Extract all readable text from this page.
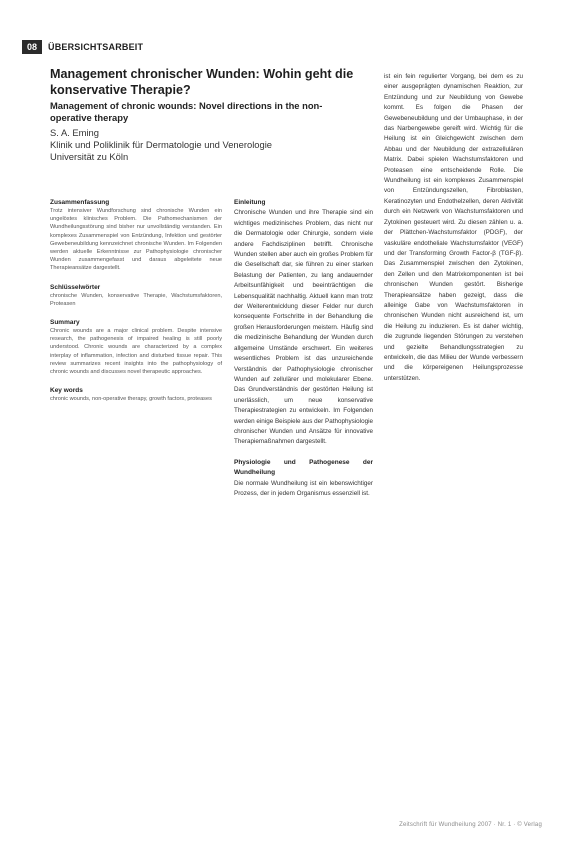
08	ÜBERSICHTSARBEIT
Management chronischer Wunden: Wohin geht die konservative Therapie?
Management of chronic wounds: Novel directions in the non-operative therapy
S. A. Eming
Klinik und Poliklinik für Dermatologie und Venerologie
Universität zu Köln
Zusammenfassung
Trotz intensiver Wundforschung sind chronische Wunden ein ungelöstes klinisches Problem. Die Pathomechanismen der Wundheilungsstörung sind bisher nur unvollständig verstanden. Ein komplexes Zusammenspiel von Entzündung, Infektion und gestörter Gewebeneubildung kennzeichnet chronische Wunden. Im Folgenden werden aktuelle Erkenntnisse zur Pathophysiologie chronischer Wunden zusammengefasst und daraus abgeleitete neue Therapieansätze dargestellt.
Schlüsselwörter
chronische Wunden, konservative Therapie, Wachstumsfaktoren, Proteasen
Summary
Chronic wounds are a major clinical problem. Despite intensive research, the pathogenesis of impaired healing is still poorly understood. Chronic wounds are characterized by a complex interplay of inflammation, infection and disturbed tissue repair. This review summarizes recent insights into the pathophysiology of chronic wounds and discusses novel therapeutic approaches.
Key words
chronic wounds, non-operative therapy, growth factors, proteases
Einleitung

Chronische Wunden und ihre Therapie sind ein wichtiges medizinisches Problem, das nicht nur die Dermatologie oder Chirurgie, sondern viele andere Fachdisziplinen betrifft. Chronische Wunden stellen aber auch ein großes Problem für die Gesellschaft dar, sie führen zu einer starken Belastung der Patienten, zu lang andauernder Arbeitsunfähigkeit und beeinträchtigen die Lebensqualität nachhaltig. Aktuell kann man trotz der Weiterentwicklung dieser Felder nur durch konsequente Fortschritte in der Behandlung die großen Herausforderungen meistern. Häufig sind die medizinische Behandlung der Wunden durch allgemeine Umstände erschwert. Ein weiteres wesentliches Problem ist das unzureichende Verständnis der Pathophysiologie chronischer Wunden auf zellulärer und molekularer Ebene. Das Grundverständnis der gestörten Heilung ist unerlässlich, um neue konservative Therapiestrategien zu entwickeln. Im Folgenden werden einige Beispiele aus der Pathophysiologie chronischer Wunden und Ansätze für innovative Therapiemaßnahmen dargestellt.

Physiologie und Pathogenese der Wundheilung

Die normale Wundheilung ist ein lebenswichtiger Prozess, der in jedem Organismus essenziell ist.

ist ein fein regulierter Vorgang, bei dem es zu einer ausgeprägten dynamischen Reaktion, zur Entzündung und zur Neubildung von Gewebe kommt. Es folgen die Phasen der Gewebeneubildung und der Umbauphase, in der das Narbengewebe gereift wird. Wichtig für die Heilung ist ein Gleichgewicht zwischen dem Abbau und der Neubildung der extrazellulären Matrix. Dabei spielen Wachstumsfaktoren und Proteasen eine entscheidende Rolle. Die Wundheilung ist ein komplexes Zusammenspiel von Entzündungszellen, Fibroblasten, Keratinozyten und Endothelzellen, deren Aktivität durch ein Netzwerk von Wachstumsfaktoren und Zytokinen gesteuert wird. Zu diesen zählen u. a. der Plättchen-Wachstumsfaktor (PDGF), der vaskuläre endotheliale Wachstumsfaktor (VEGF) und der Transforming Growth Factor-β (TGF-β). Das Zusammenspiel zwischen den Zytokinen, den Zellen und den Matrixkomponenten ist bei chronischen Wunden gestört. Bisherige Therapieansätze haben gezeigt, dass die alleinige Gabe von Wachstumsfaktoren in chronischen Wunden nicht ausreichend ist, um die Heilung zu induzieren. Es ist daher wichtig, die zugrunde liegenden Störungen zu verstehen und gezielte Behandlungsstrategien zu entwickeln, die das Milieu der Wunde verbessern und die körpereigenen Heilungsprozesse unterstützen.

Zeitschrift für Wundheilung 2007 · Nr. 1 · © Verlag
